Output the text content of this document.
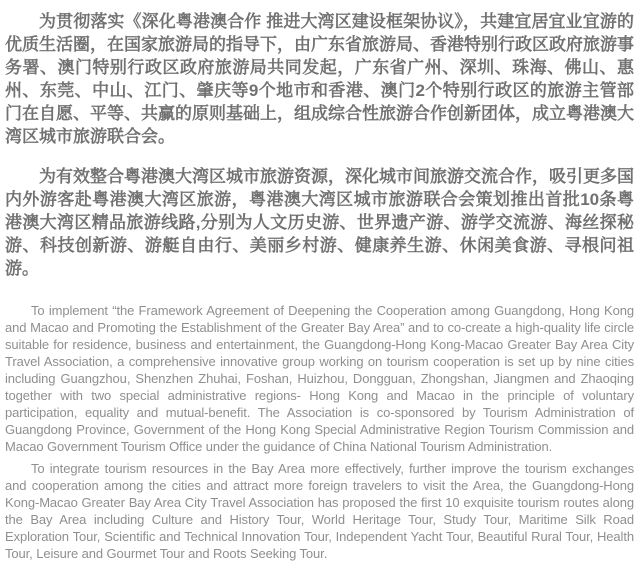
为贯彻落实《深化粤港澳合作 推进大湾区建设框架协议》，共建宜居宜业宜游的优质生活圈，在国家旅游局的指导下，由广东省旅游局、香港特别行政区政府旅游事务署、澳门特别行政区政府旅游局共同发起，广东省广州、深圳、珠海、佛山、惠州、东莞、中山、江门、肇庆等9个地市和香港、澳门2个特别行政区的旅游主管部门在自愿、平等、共赢的原则基础上，组成综合性旅游合作创新团体，成立粤港澳大湾区城市旅游联合会。

为有效整合粤港澳大湾区城市旅游资源，深化城市间旅游交流合作，吸引更多国内外游客赴粤港澳大湾区旅游，粤港澳大湾区城市旅游联合会策划推出首批10条粤港澳大湾区精品旅游线路,分别为人文历史游、世界遗产游、游学交流游、海丝探秘游、科技创新游、游艇自由行、美丽乡村游、健康养生游、休闲美食游、寻根问祖游。

To implement “the Framework Agreement of Deepening the Cooperation among Guangdong, Hong Kong and Macao and Promoting the Establishment of the Greater Bay Area” and to co-create a high-quality life circle suitable for residence, business and entertainment, the Guangdong-Hong Kong-Macao Greater Bay Area City Travel Association, a comprehensive innovative group working on tourism cooperation is set up by nine cities including Guangzhou, Shenzhen Zhuhai, Foshan, Huizhou, Dongguan, Zhongshan, Jiangmen and Zhaoqing together with two special administrative regions- Hong Kong and Macao in the principle of voluntary participation, equality and mutual-benefit. The Association is co-sponsored by Tourism Administration of Guangdong Province, Government of the Hong Kong Special Administrative Region Tourism Commission and Macao Government Tourism Office under the guidance of China National Tourism Administration.

To integrate tourism resources in the Bay Area more effectively, further improve the tourism exchanges and cooperation among the cities and attract more foreign travelers to visit the Area, the Guangdong-Hong Kong-Macao Greater Bay Area City Travel Association has proposed the first 10 exquisite tourism routes along the Bay Area including Culture and History Tour, World Heritage Tour, Study Tour, Maritime Silk Road Exploration Tour, Scientific and Technical Innovation Tour, Independent Yacht Tour, Beautiful Rural Tour, Health Tour, Leisure and Gourmet Tour and Roots Seeking Tour.
